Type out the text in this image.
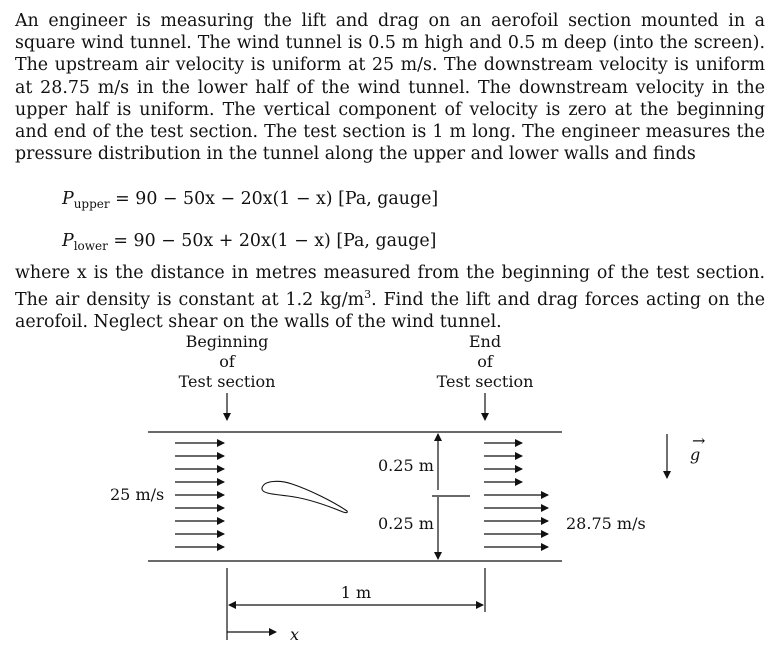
An engineer is measuring the lift and drag on an aerofoil section mounted in a square wind tunnel. The wind tunnel is 0.5 m high and 0.5 m deep (into the screen). The upstream air velocity is uniform at 25 m/s. The downstream velocity is uniform at 28.75 m/s in the lower half of the wind tunnel. The downstream velocity in the upper half is uniform. The vertical component of velocity is zero at the beginning and end of the test section. The test section is 1 m long. The engineer measures the pressure distribution in the tunnel along the upper and lower walls and finds

$P_{upper} = 90 - 50x - 20x(1 - x)$ [Pa, gauge]
$P_{lower} = 90 - 50x + 20x(1 - x)$ [Pa, gauge]

where x is the distance in metres measured from the beginning of the test section. The air density is constant at 1.2 $kg/m^3$. Find the lift and drag forces acting on the aerofoil. Neglect shear on the walls of the wind tunnel.

Beginning
of
Test section
End
of
Test section
25 m/s
0.25 m
0.25 m	28.75 m/s
g
→
1 m
x
